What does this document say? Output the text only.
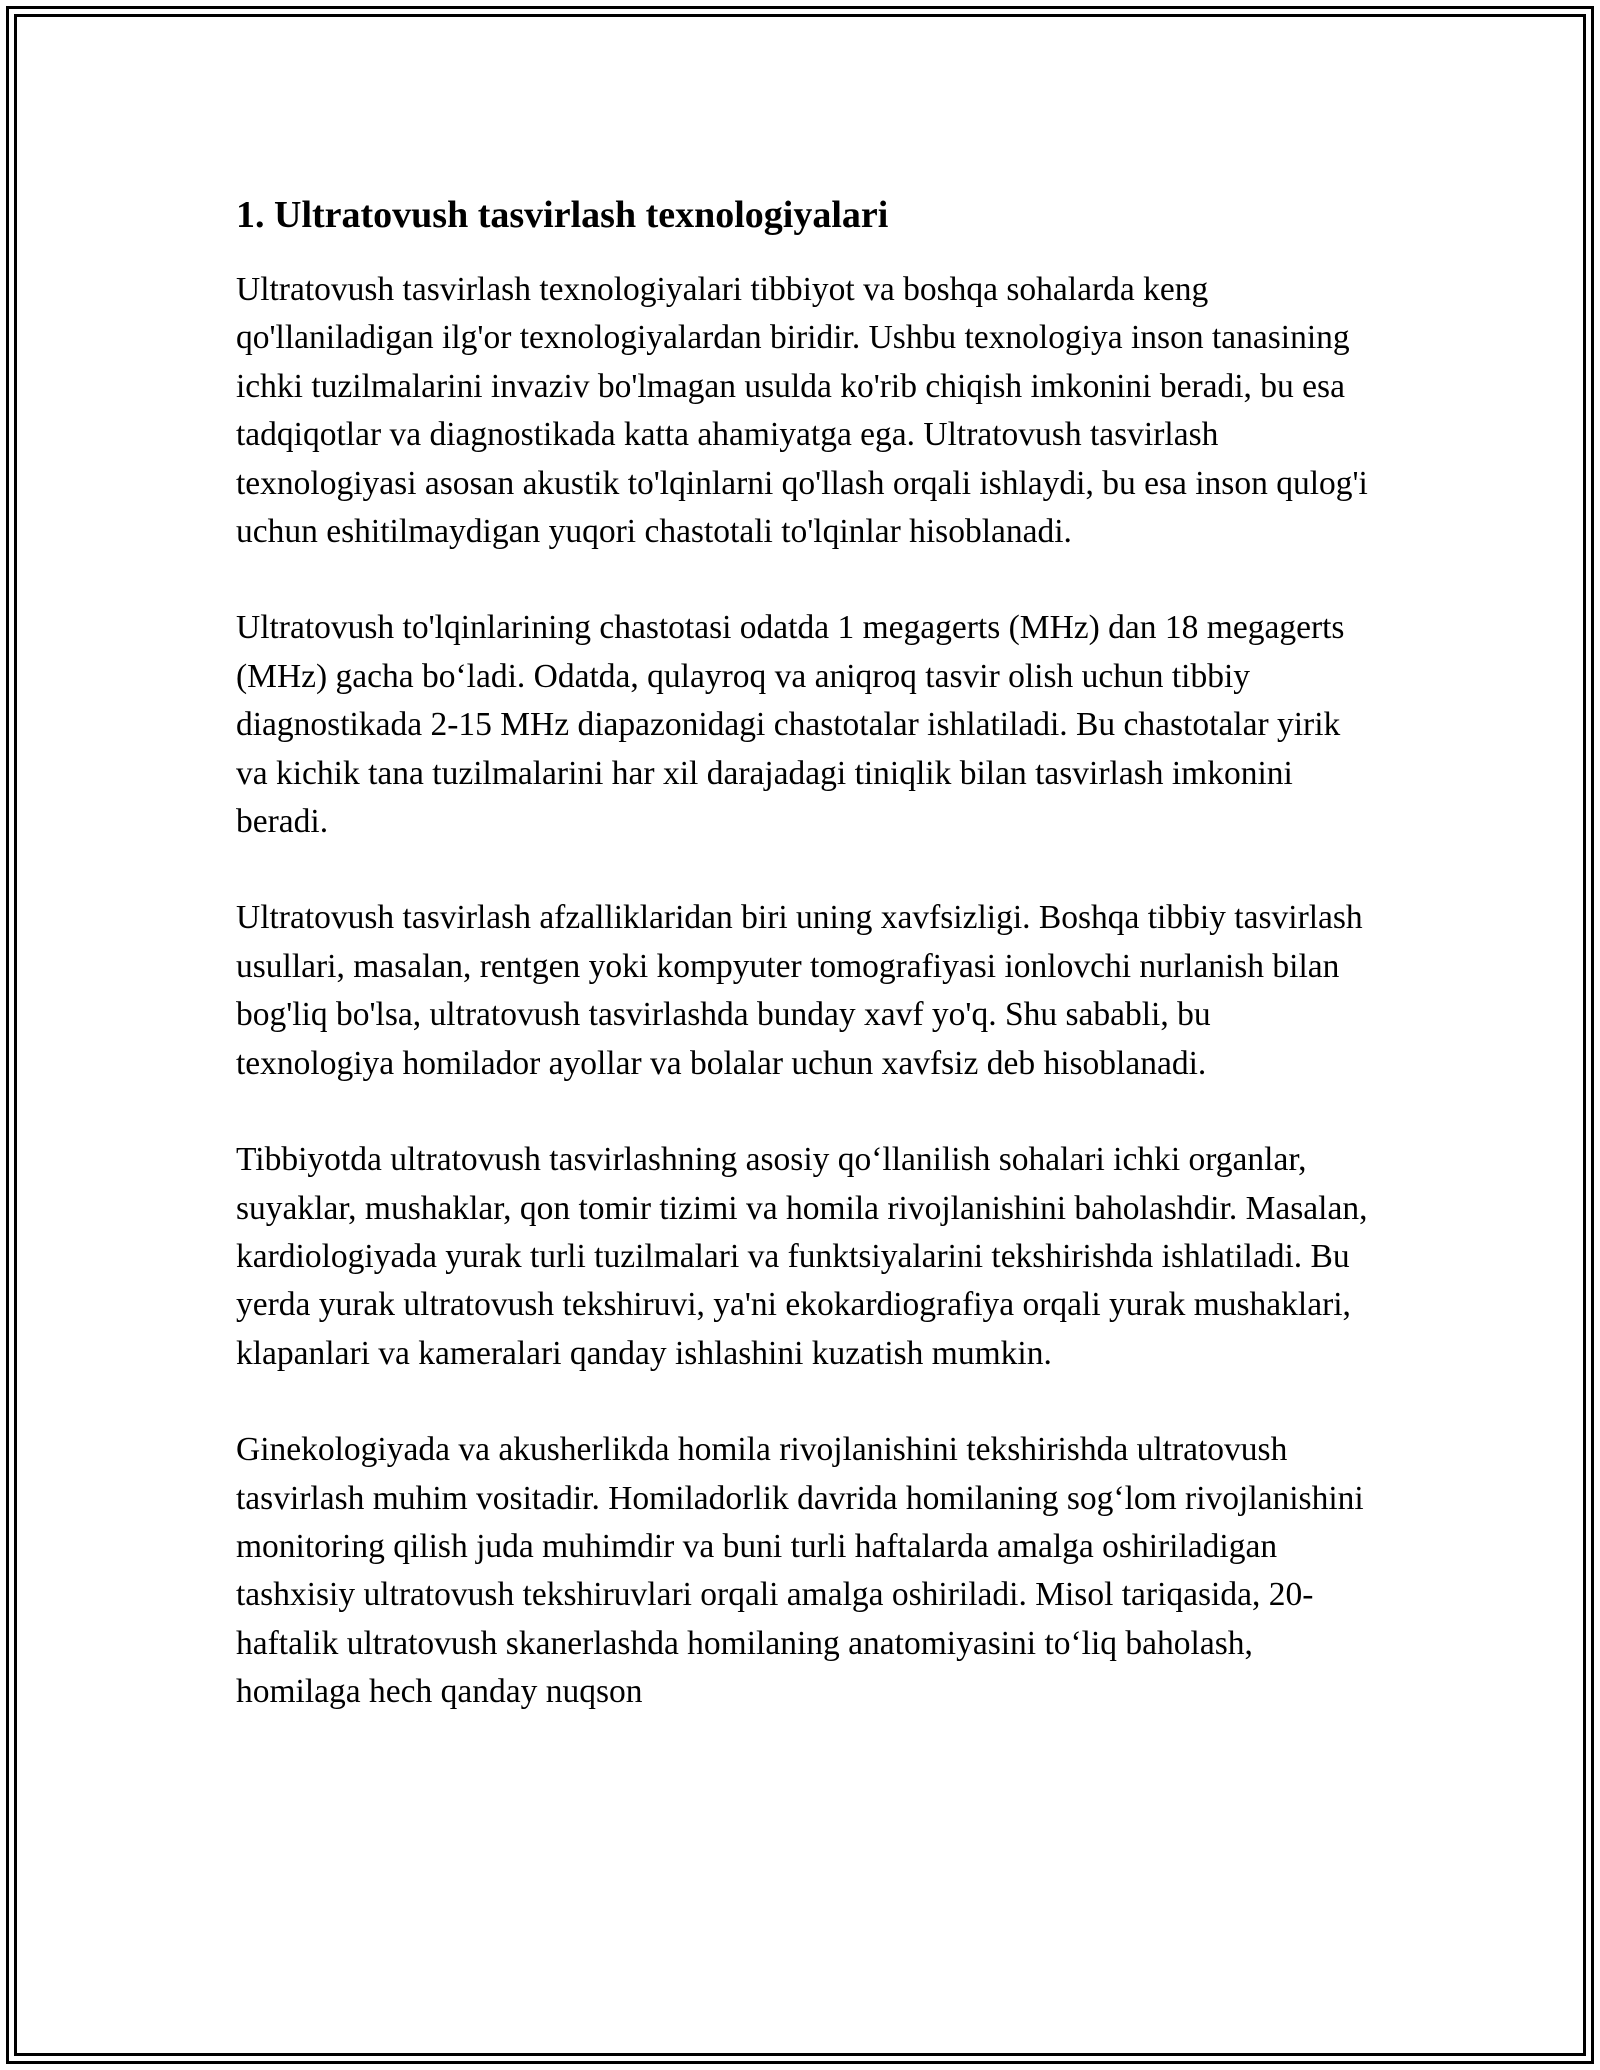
1. Ultratovush tasvirlash texnologiyalari

Ultratovush tasvirlash texnologiyalari tibbiyot va boshqa sohalarda keng qo'llaniladigan ilg'or texnologiyalardan biridir. Ushbu texnologiya inson tanasining ichki tuzilmalarini invaziv bo'lmagan usulda ko'rib chiqish imkonini beradi, bu esa tadqiqotlar va diagnostikada katta ahamiyatga ega. Ultratovush tasvirlash texnologiyasi asosan akustik to'lqinlarni qo'llash orqali ishlaydi, bu esa inson qulog'i uchun eshitilmaydigan yuqori chastotali to'lqinlar hisoblanadi.

Ultratovush to'lqinlarining chastotasi odatda 1 megagerts (MHz) dan 18 megagerts (MHz) gacha bo‘ladi. Odatda, qulayroq va aniqroq tasvir olish uchun tibbiy diagnostikada 2-15 MHz diapazonidagi chastotalar ishlatiladi. Bu chastotalar yirik va kichik tana tuzilmalarini har xil darajadagi tiniqlik bilan tasvirlash imkonini beradi.

Ultratovush tasvirlash afzalliklaridan biri uning xavfsizligi. Boshqa tibbiy tasvirlash usullari, masalan, rentgen yoki kompyuter tomografiyasi ionlovchi nurlanish bilan bog'liq bo'lsa, ultratovush tasvirlashda bunday xavf yo'q. Shu sababli, bu texnologiya homilador ayollar va bolalar uchun xavfsiz deb hisoblanadi.

Tibbiyotda ultratovush tasvirlashning asosiy qo‘llanilish sohalari ichki organlar, suyaklar, mushaklar, qon tomir tizimi va homila rivojlanishini baholashdir. Masalan, kardiologiyada yurak turli tuzilmalari va funktsiyalarini tekshirishda ishlatiladi. Bu yerda yurak ultratovush tekshiruvi, ya'ni ekokardiografiya orqali yurak mushaklari, klapanlari va kameralari qanday ishlashini kuzatish mumkin.

Ginekologiyada va akusherlikda homila rivojlanishini tekshirishda ultratovush tasvirlash muhim vositadir. Homiladorlik davrida homilaning sog‘lom rivojlanishini monitoring qilish juda muhimdir va buni turli haftalarda amalga oshiriladigan tashxisiy ultratovush tekshiruvlari orqali amalga oshiriladi. Misol tariqasida, 20-haftalik ultratovush skanerlashda homilaning anatomiyasini to‘liq baholash, homilaga hech qanday nuqson
